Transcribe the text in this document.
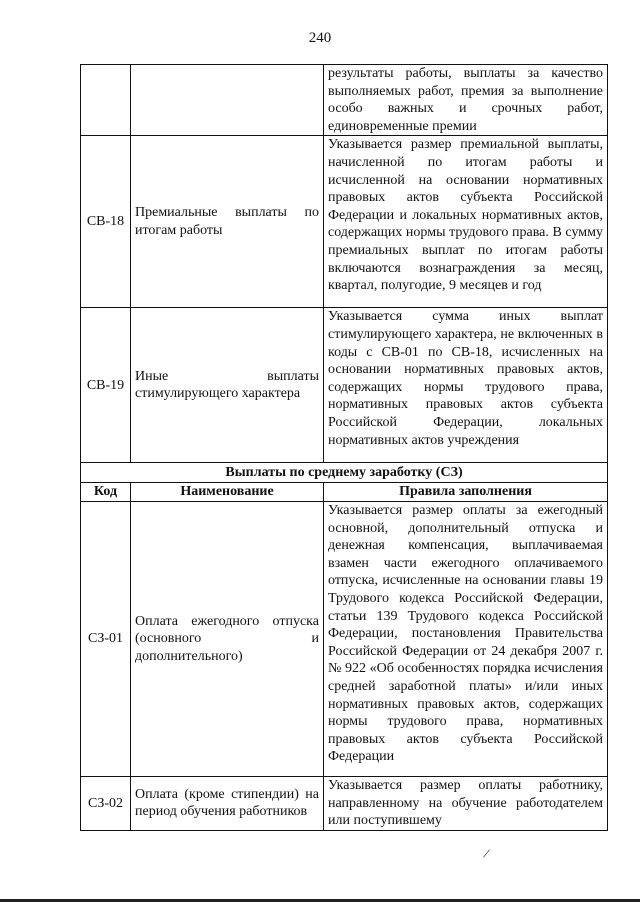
240
		результаты работы, выплаты за качество выполняемых работ, премия за выполнение особо важных и срочных работ, единовременные премии
СВ-18	Премиальные выплаты по итогам работы	Указывается размер премиальной выплаты, начисленной по итогам работы и исчисленной на основании нормативных правовых актов субъекта Российской Федерации и локальных нормативных актов, содержащих нормы трудового права. В сумму премиальных выплат по итогам работы включаются вознаграждения за месяц, квартал, полугодие, 9 месяцев и год
СВ-19	Иные выплаты стимулирующего характера	Указывается сумма иных выплат стимулирующего характера, не включенных в коды с СВ-01 по СВ-18, исчисленных на основании нормативных правовых актов, содержащих нормы трудового права, нормативных правовых актов субъекта Российской Федерации, локальных нормативных актов учреждения
Выплаты по среднему заработку (СЗ)		
Код	Наименование	Правила заполнения
СЗ-01	Оплата ежегодного отпуска (основного и дополнительного)	Указывается размер оплаты за ежегодный основной, дополнительный отпуска и денежная компенсация, выплачиваемая взамен части ежегодного оплачиваемого отпуска, исчисленные на основании главы 19 Трудового кодекса Российской Федерации, статьи 139 Трудового кодекса Российской Федерации, постановления Правительства Российской Федерации от 24 декабря 2007 г. № 922 «Об особенностях порядка исчисления средней заработной платы» и/или иных нормативных правовых актов, содержащих нормы трудового права, нормативных правовых актов субъекта Российской Федерации
СЗ-02	Оплата (кроме стипендии) на период обучения работников	Указывается размер оплаты работнику, направленному на обучение работодателем или поступившему
/
